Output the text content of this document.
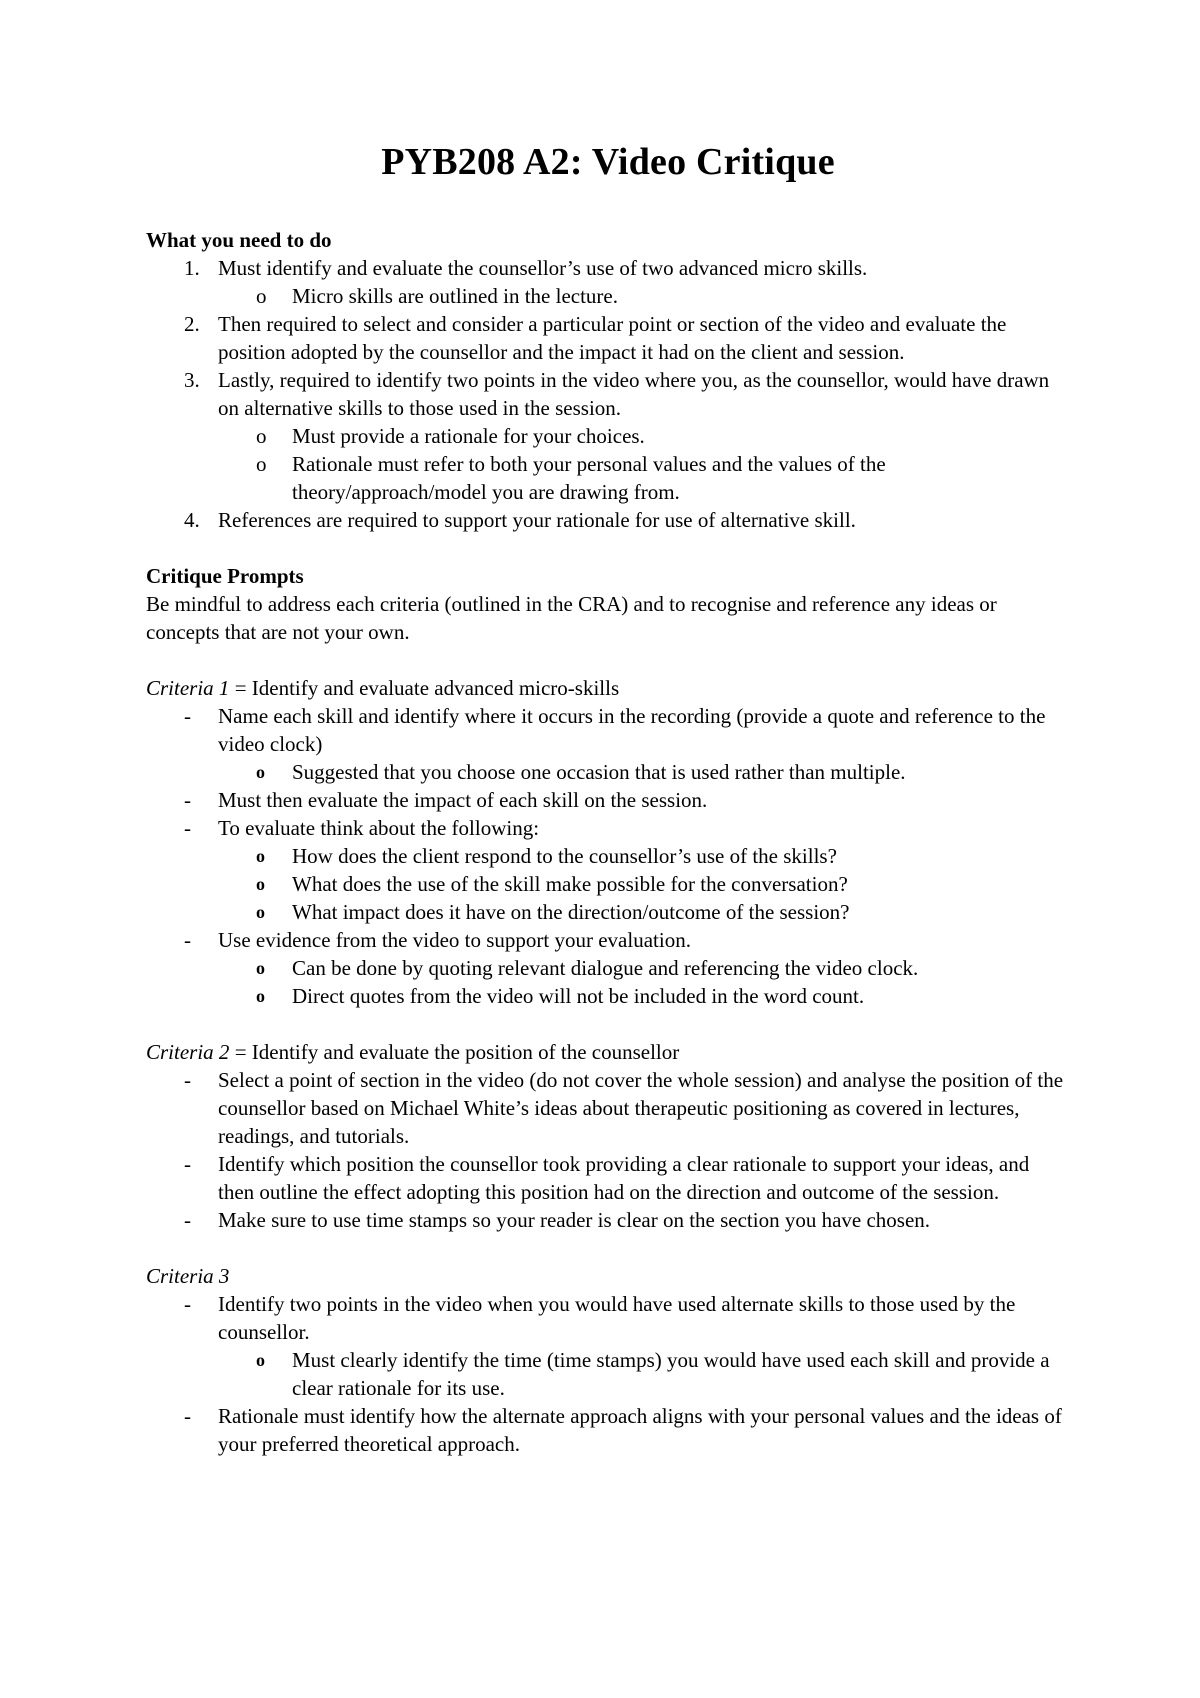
PYB208 A2: Video Critique

What you need to do

1. Must identify and evaluate the counsellor’s use of two advanced micro skills.
o	Micro skills are outlined in the lecture.
2. Then required to select and consider a particular point or section of the video and evaluate the position adopted by the counsellor and the impact it had on the client and session.
3. Lastly, required to identify two points in the video where you, as the counsellor, would have drawn on alternative skills to those used in the session.
o	Must provide a rationale for your choices.
o	Rationale must refer to both your personal values and the values of the theory/approach/model you are drawing from.
4. References are required to support your rationale for use of alternative skill.

Critique Prompts

Be mindful to address each criteria (outlined in the CRA) and to recognise and reference any ideas or concepts that are not your own.

Criteria 1 = Identify and evaluate advanced micro-skills

-	Name each skill and identify where it occurs in the recording (provide a quote and reference to the video clock)
o	Suggested that you choose one occasion that is used rather than multiple.
-	Must then evaluate the impact of each skill on the session.
-	To evaluate think about the following:
o	How does the client respond to the counsellor’s use of the skills?
o	What does the use of the skill make possible for the conversation?
o	What impact does it have on the direction/outcome of the session?
-	Use evidence from the video to support your evaluation.
o	Can be done by quoting relevant dialogue and referencing the video clock.
o	Direct quotes from the video will not be included in the word count.

Criteria 2 = Identify and evaluate the position of the counsellor

-	Select a point of section in the video (do not cover the whole session) and analyse the position of the counsellor based on Michael White’s ideas about therapeutic positioning as covered in lectures, readings, and tutorials.
-	Identify which position the counsellor took providing a clear rationale to support your ideas, and then outline the effect adopting this position had on the direction and outcome of the session.
-	Make sure to use time stamps so your reader is clear on the section you have chosen.

Criteria 3

-	Identify two points in the video when you would have used alternate skills to those used by the counsellor.
o	Must clearly identify the time (time stamps) you would have used each skill and provide a clear rationale for its use.
-	Rationale must identify how the alternate approach aligns with your personal values and the ideas of your preferred theoretical approach.
